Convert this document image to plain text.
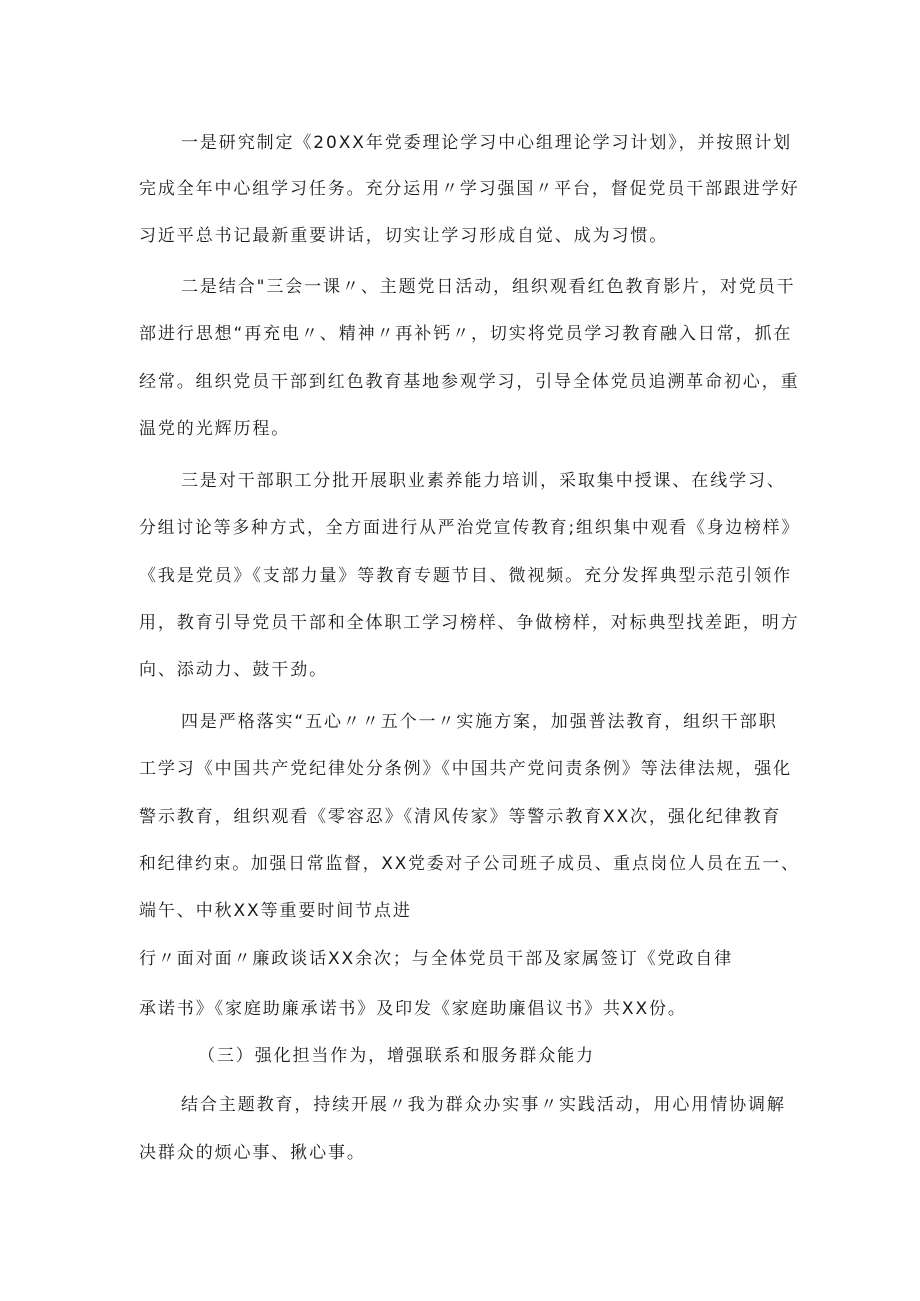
一是研究制定《20XX年党委理论学习中心组理论学习计划》，并按照计划
完成全年中心组学习任务。充分运用〃学习强国〃平台，督促党员干部跟进学好
习近平总书记最新重要讲话，切实让学习形成自觉、成为习惯。
二是结合"三会一课〃、主题党日活动，组织观看红色教育影片，对党员干
部进行思想“再充电〃、精神〃再补钙〃，切实将党员学习教育融入日常，抓在
经常。组织党员干部到红色教育基地参观学习，引导全体党员追溯革命初心，重
温党的光辉历程。
三是对干部职工分批开展职业素养能力培训，采取集中授课、在线学习、
分组讨论等多种方式，全方面进行从严治党宣传教育;组织集中观看《身边榜样》
《我是党员》《支部力量》等教育专题节目、微视频。充分发挥典型示范引领作
用，教育引导党员干部和全体职工学习榜样、争做榜样，对标典型找差距，明方
向、添动力、鼓干劲。
四是严格落实“五心〃〃五个一〃实施方案，加强普法教育，组织干部职
工学习《中国共产党纪律处分条例》《中国共产党问责条例》等法律法规，强化
警示教育，组织观看《零容忍》《清风传家》等警示教育XX次，强化纪律教育
和纪律约束。加强日常监督，XX党委对子公司班子成员、重点岗位人员在五一、
端午、中秋XX等重要时间节点进
行〃面对面〃廉政谈话XX余次；与全体党员干部及家属签订《党政自律
承诺书》《家庭助廉承诺书》及印发《家庭助廉倡议书》共XX份。
（三）强化担当作为，增强联系和服务群众能力
结合主题教育，持续开展〃我为群众办实事〃实践活动，用心用情协调解
决群众的烦心事、揪心事。
